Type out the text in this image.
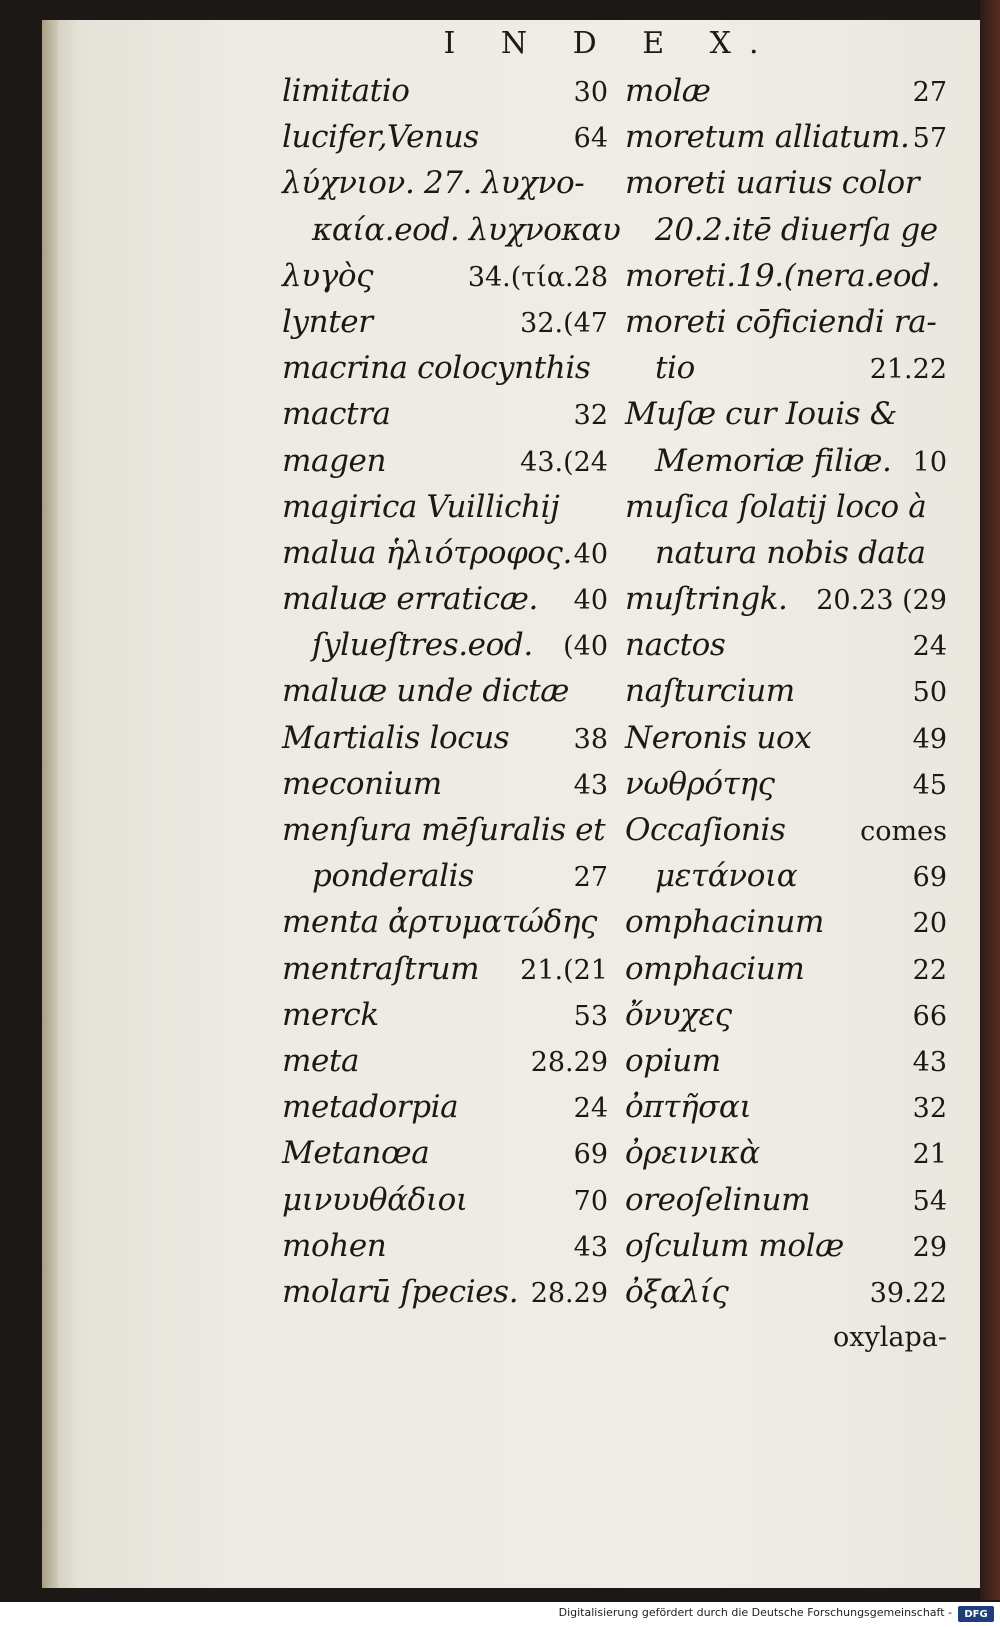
I N D E X.
limitatio	30
lucifer,Venus	64
λύχνιον. 27. λυχνο-
καία.eod. λυχνοκαυ
λυγὸς	34.(τία.28
lynter	32.(47
macrina colocynthis
mactra	32
magen	43.(24
magirica Vuillichij
malua ἡλιότροφος. 40
maluæ erraticæ. 40
ſylueſtres.eod. (40
maluæ unde dictæ
Martialis locus 38
meconium	43
menſura mēſuralis et
ponderalis	27
menta ἀρτυματώδης
mentraſtrum 21.(21
merck	53
meta	28.29
metadorpia	24
Metanœa	69
μινυυθάδιοι	70
mohen	43
molarū ſpecies. 28.29
molæ	27
moretum alliatum. 57
moreti uarius color
20.2.itē diuerſa ge
moreti.19.(nera.eod.
moreti cōficiendi ra-
tio	21.22
Muſæ cur Iouis &
Memoriæ filiæ. 10
muſica ſolatij loco à
natura nobis data
muſtringk. 20.23 (29
nactos	24
naſturcium	50
Neronis uox	49
νωθρότης	45
Occaſionis	comes
μετάνοια	69
omphacinum	20
omphacium	22
ὄνυχες	66
opium	43
ὀπτῆσαι	32
ὀρεινικὰ	21
oreoſelinum	54
oſculum molæ	29
ὀξαλίς	39.22
oxylapa-
Digitalisierung gefördert durch die Deutsche Forschungsgemeinschaft -	DFG
